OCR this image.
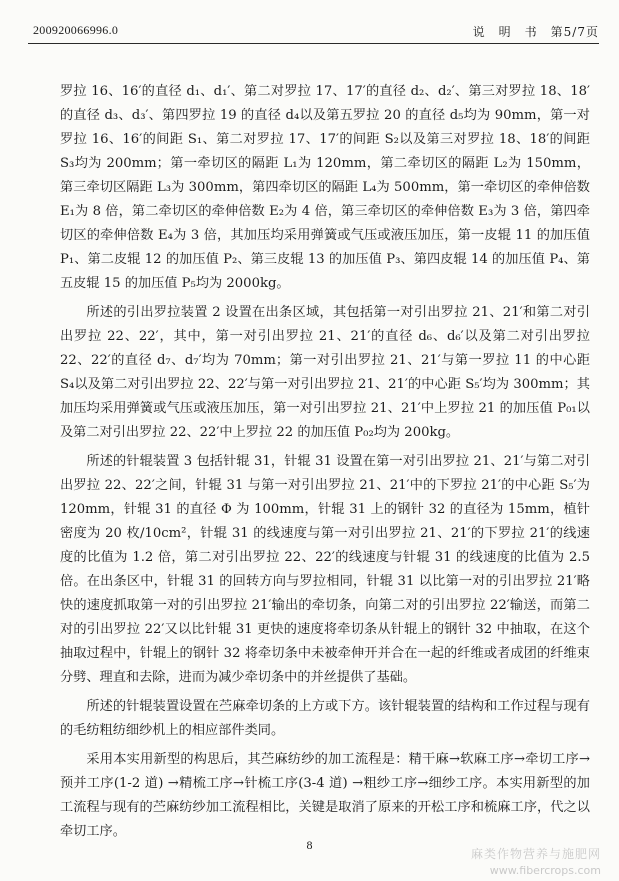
200920066996.0	说　明　书　第5/7页

罗拉 16、16′的直径 d₁、d₁′、第二对罗拉 17、17′的直径 d₂、d₂′、第三对罗拉 18、18′的直径 d₃、d₃′、第四罗拉 19 的直径 d₄以及第五罗拉 20 的直径 d₅均为 90mm，第一对罗拉 16、16′的间距 S₁、第二对罗拉 17、17′的间距 S₂以及第三对罗拉 18、18′的间距 S₃均为 200mm；第一牵切区的隔距 L₁为 120mm，第二牵切区的隔距 L₂为 150mm，第三牵切区隔距 L₃为 300mm，第四牵切区的隔距 L₄为 500mm，第一牵切区的牵伸倍数 E₁为 8 倍，第二牵切区的牵伸倍数 E₂为 4 倍，第三牵切区的牵伸倍数 E₃为 3 倍，第四牵切区的牵伸倍数 E₄为 3 倍，其加压均采用弹簧或气压或液压加压，第一皮辊 11 的加压值 P₁、第二皮辊 12 的加压值 P₂、第三皮辊 13 的加压值 P₃、第四皮辊 14 的加压值 P₄、第五皮辊 15 的加压值 P₅均为 2000kg。

所述的引出罗拉装置 2 设置在出条区域，其包括第一对引出罗拉 21、21′和第二对引出罗拉 22、22′，其中，第一对引出罗拉 21、21′的直径 d₆、d₆′以及第二对引出罗拉 22、22′的直径 d₇、d₇′均为 70mm；第一对引出罗拉 21、21′与第一罗拉 11 的中心距 S₄以及第二对引出罗拉 22、22′与第一对引出罗拉 21、21′的中心距 S₅′均为 300mm；其加压均采用弹簧或气压或液压加压，第一对引出罗拉 21、21′中上罗拉 21 的加压值 P₀₁以及第二对引出罗拉 22、22′中上罗拉 22 的加压值 P₀₂均为 200kg。

所述的针辊装置 3 包括针辊 31，针辊 31 设置在第一对引出罗拉 21、21′与第二对引出罗拉 22、22′之间，针辊 31 与第一对引出罗拉 21、21′中的下罗拉 21′的中心距 S₅′为 120mm，针辊 31 的直径 Φ 为 100mm，针辊 31 上的钢针 32 的直径为 15mm，植针密度为 20 枚/10cm²，针辊 31 的线速度与第一对引出罗拉 21、21′的下罗拉 21′的线速度的比值为 1.2 倍，第二对引出罗拉 22、22′的线速度与针辊 31 的线速度的比值为 2.5 倍。在出条区中，针辊 31 的回转方向与罗拉相同，针辊 31 以比第一对的引出罗拉 21′略快的速度抓取第一对的引出罗拉 21′输出的牵切条，向第二对的引出罗拉 22′输送，而第二对的引出罗拉 22′又以比针辊 31 更快的速度将牵切条从针辊上的钢针 32 中抽取，在这个抽取过程中，针辊上的钢针 32 将牵切条中未被牵伸开并合在一起的纤维或者成团的纤维束分劈、理直和去除，进而为减少牵切条中的并丝提供了基础。

所述的针辊装置设置在苎麻牵切条的上方或下方。该针辊装置的结构和工作过程与现有的毛纺粗纺细纱机上的相应部件类同。

采用本实用新型的构思后，其苎麻纺纱的加工流程是：精干麻→软麻工序→牵切工序→预并工序(1-2 道) →精梳工序→针梳工序(3-4 道) →粗纱工序→细纱工序。本实用新型的加工流程与现有的苎麻纺纱加工流程相比，关键是取消了原来的开松工序和梳麻工序，代之以牵切工序。

8
麻类作物营养与施肥网
www.fibercrops.com
